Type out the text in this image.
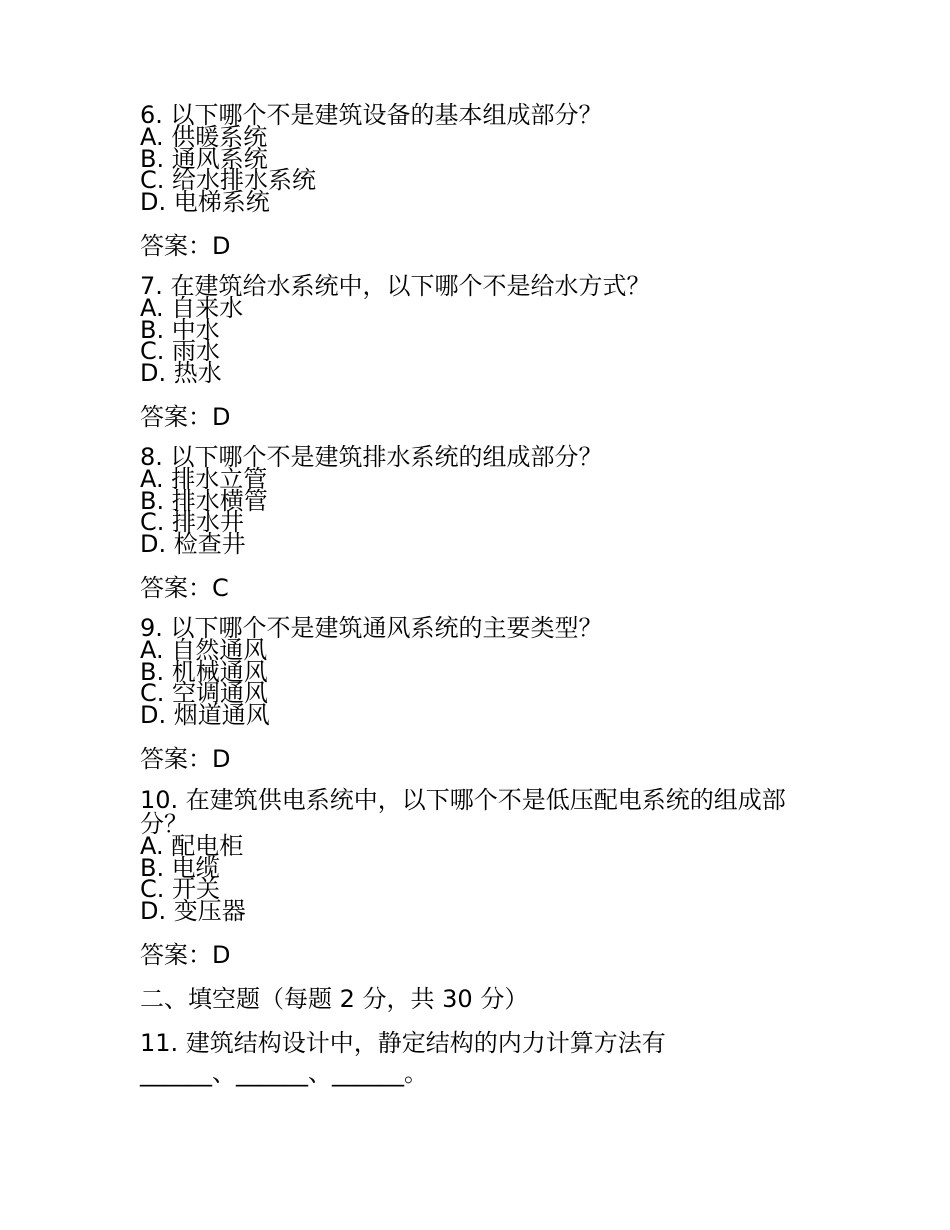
6. 以下哪个不是建筑设备的基本组成部分？

A. 供暖系统

B. 通风系统

C. 给水排水系统

D. 电梯系统

答案：D

7. 在建筑给水系统中，以下哪个不是给水方式？

A. 自来水

B. 中水

C. 雨水

D. 热水

答案：D

8. 以下哪个不是建筑排水系统的组成部分？

A. 排水立管

B. 排水横管

C. 排水井

D. 检查井

答案：C

9. 以下哪个不是建筑通风系统的主要类型？

A. 自然通风

B. 机械通风

C. 空调通风

D. 烟道通风

答案：D

10. 在建筑供电系统中，以下哪个不是低压配电系统的组成部

分？

A. 配电柜

B. 电缆

C. 开关

D. 变压器

答案：D

二、填空题（每题 2 分，共 30 分）

11. 建筑结构设计中，静定结构的内力计算方法有

______、______、______。
